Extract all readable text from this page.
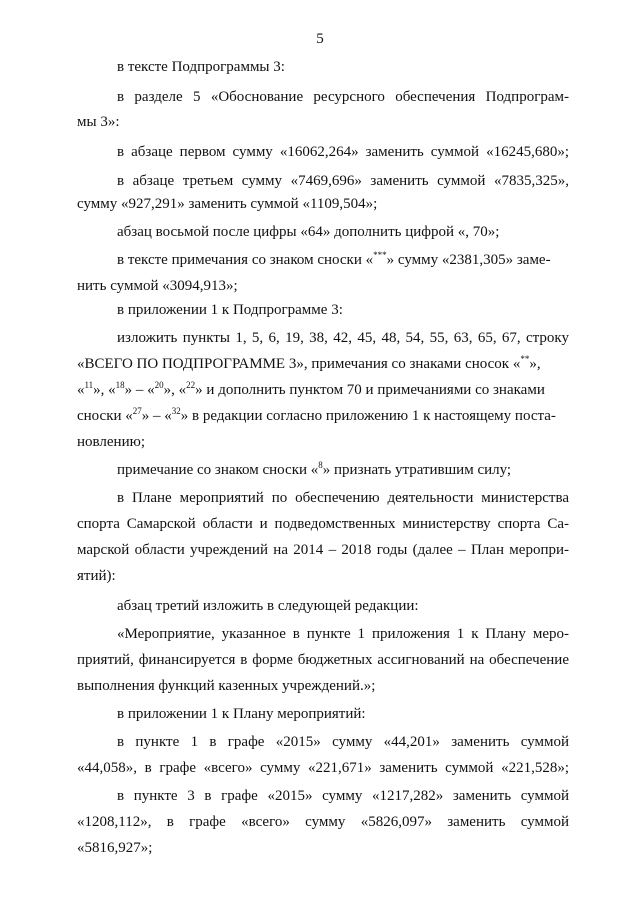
5
в тексте Подпрограммы 3:
в разделе 5 «Обоснование ресурсного обеспечения Подпрограм-
мы 3»:
в абзаце первом сумму «16062,264» заменить суммой «16245,680»;
в абзаце третьем сумму «7469,696» заменить суммой «7835,325»,
сумму «927,291» заменить суммой «1109,504»;
абзац восьмой после цифры «64» дополнить цифрой «, 70»;
в тексте примечания со знаком сноски «***» сумму «2381,305» заме-
нить суммой «3094,913»;
в приложении 1 к Подпрограмме 3:
изложить пункты 1, 5, 6, 19, 38, 42, 45, 48, 54, 55, 63, 65, 67, строку
«ВСЕГО ПО ПОДПРОГРАММЕ 3», примечания со знаками сносок «**»,
«$^{11}$», «$^{18}$» – «$^{20}$», «$^{22}$» и дополнить пунктом 70 и примечаниями со знаками
сноски «$^{27}$» – «$^{32}$» в редакции согласно приложению 1 к настоящему поста-
новлению;
примечание со знаком сноски «$^8$» признать утратившим силу;
в Плане мероприятий по обеспечению деятельности министерства
спорта Самарской области и подведомственных министерству спорта Са-
марской области учреждений на 2014 – 2018 годы (далее – План меропри-
ятий):
абзац третий изложить в следующей редакции:
«Мероприятие, указанное в пункте 1 приложения 1 к Плану меро-
приятий, финансируется в форме бюджетных ассигнований на обеспечение
выполнения функций казенных учреждений.»;
в приложении 1 к Плану мероприятий:
в пункте 1 в графе «2015» сумму «44,201» заменить суммой
«44,058», в графе «всего» сумму «221,671» заменить суммой «221,528»;
в пункте 3 в графе «2015» сумму «1217,282» заменить суммой
«1208,112», в графе «всего» сумму «5826,097» заменить суммой
«5816,927»;
